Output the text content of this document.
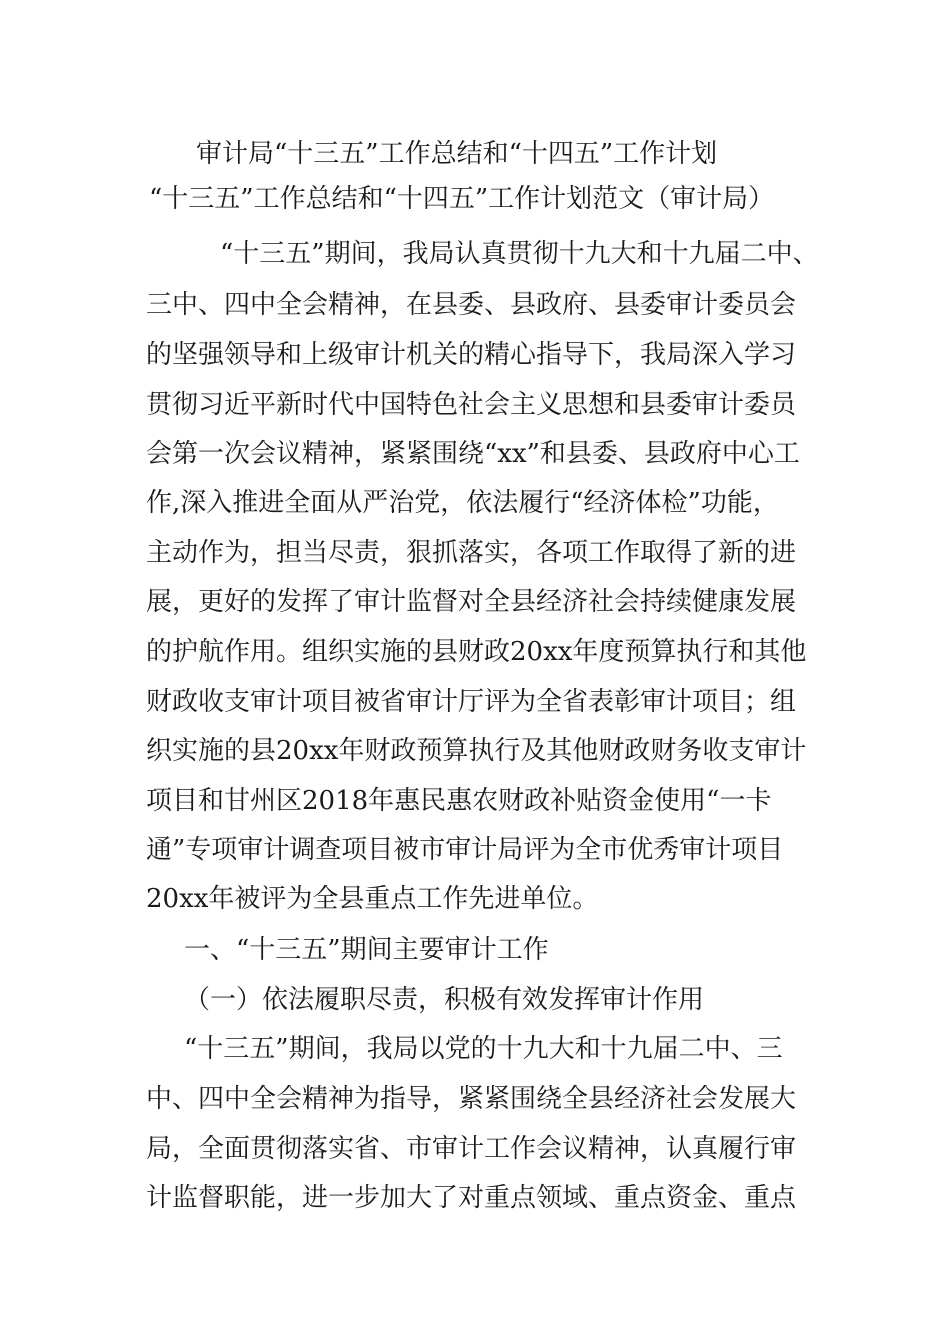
审计局“十三五”工作总结和“十四五”工作计划
“十三五”工作总结和“十四五”工作计划范文（审计局）
“十三五”期间，我局认真贯彻十九大和十九届二中、
三中、四中全会精神，在县委、县政府、县委审计委员会
的坚强领导和上级审计机关的精心指导下，我局深入学习
贯彻习近平新时代中国特色社会主义思想和县委审计委员
会第一次会议精神，紧紧围绕“xx”和县委、县政府中心工
作,深入推进全面从严治党，依法履行“经济体检”功能，
主动作为，担当尽责，狠抓落实，各项工作取得了新的进
展，更好的发挥了审计监督对全县经济社会持续健康发展
的护航作用。组织实施的县财政20xx年度预算执行和其他
财政收支审计项目被省审计厅评为全省表彰审计项目；组
织实施的县20xx年财政预算执行及其他财政财务收支审计
项目和甘州区2018年惠民惠农财政补贴资金使用“一卡
通”专项审计调查项目被市审计局评为全市优秀审计项目
20xx年被评为全县重点工作先进单位。
一、“十三五”期间主要审计工作
（一）依法履职尽责，积极有效发挥审计作用
“十三五”期间，我局以党的十九大和十九届二中、三
中、四中全会精神为指导，紧紧围绕全县经济社会发展大
局，全面贯彻落实省、市审计工作会议精神，认真履行审
计监督职能，进一步加大了对重点领域、重点资金、重点
